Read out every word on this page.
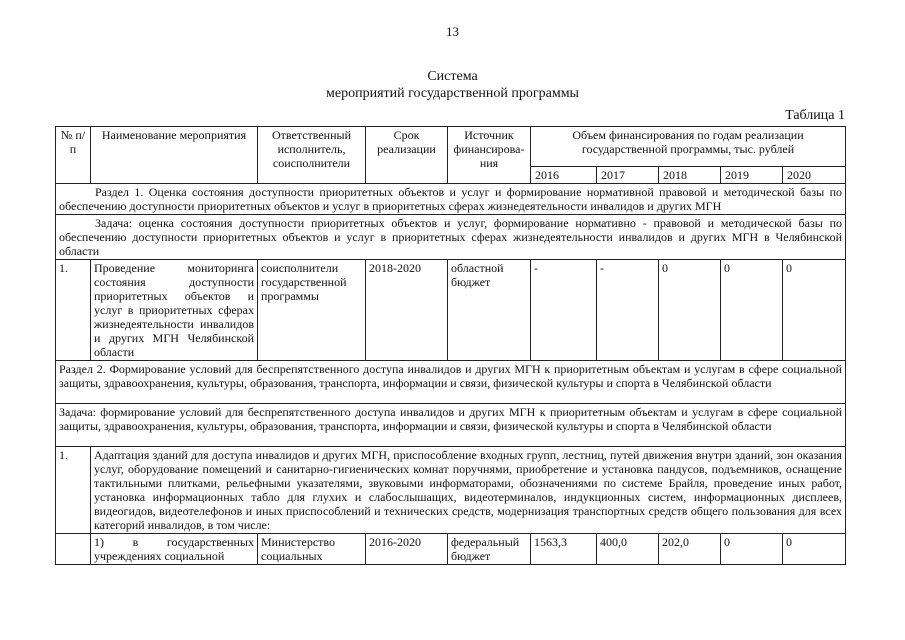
13
Система
мероприятий государственной программы
Таблица 1
№ п/п	Наименование мероприятия	Ответственный исполнитель, соисполнители	Срок реализации	Источник финансирова-ния	Объем финансирования по годам реализации государственной программы, тыс. рублей				
					2016	2017	2018	2019	2020
Раздел 1. Оценка состояния доступности приоритетных объектов и услуг и формирование нормативной правовой и методической базы по обеспечению доступности приоритетных объектов и услуг в приоритетных сферах жизнедеятельности инвалидов и других МГН									
Задача: оценка состояния доступности приоритетных объектов и услуг, формирование нормативно - правовой и методической базы по обеспечению доступности приоритетных объектов и услуг в приоритетных сферах жизнедеятельности инвалидов и других МГН в Челябинской области									
1.	Проведение мониторинга состояния доступности приоритетных объектов и услуг в приоритетных сферах жизнедеятельности инвалидов и других МГН Челябинской области	соисполнители государственной программы	2018-2020	областной бюджет	-	-	0	0	0
Раздел 2. Формирование условий для беспрепятственного доступа инвалидов и других МГН к приоритетным объектам и услугам в сфере социальной защиты, здравоохранения, культуры, образования, транспорта, информации и связи, физической культуры и спорта в Челябинской области									
Задача: формирование условий для беспрепятственного доступа инвалидов и других МГН к приоритетным объектам и услугам в сфере социальной защиты, здравоохранения, культуры, образования, транспорта, информации и связи, физической культуры и спорта в Челябинской области									
1.	Адаптация зданий для доступа инвалидов и других МГН, приспособление входных групп, лестниц, путей движения внутри зданий, зон оказания услуг, оборудование помещений и санитарно-гигиенических комнат поручнями, приобретение и установка пандусов, подъемников, оснащение тактильными плитками, рельефными указателями, звуковыми информаторами, обозначениями по системе Брайля, проведение иных работ, установка информационных табло для глухих и слабослышащих, видеотерминалов, индукционных систем, информационных дисплеев, видеогидов, видеотелефонов и иных приспособлений и технических средств, модернизация транспортных средств общего пользования для всех категорий инвалидов, в том числе:								
	1) в государственных учреждениях социальной	Министерство социальных	2016-2020	федеральный бюджет	1563,3	400,0	202,0	0	0
